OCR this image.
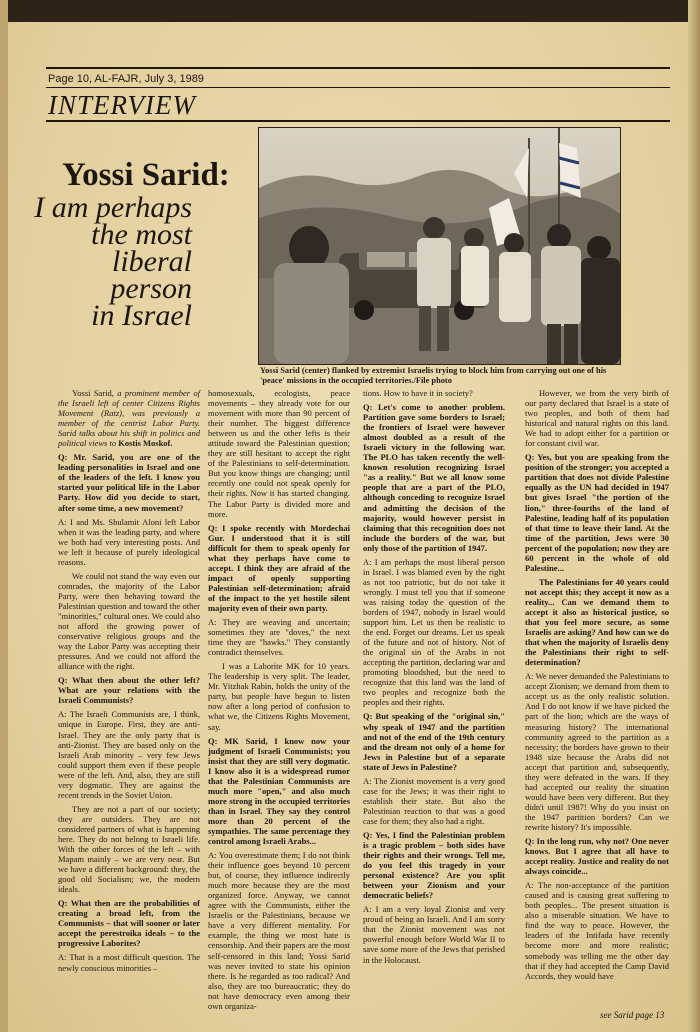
Page 10, AL-FAJR, July 3, 1989
INTERVIEW
Yossi Sarid:
I am perhaps
the most
liberal
person
in Israel
Yossi Sarid (center) flanked by extremist Israelis trying to block him from carrying out one of his 'peace' missions in the occupied territories./File photo

Yossi Sarid, a prominent member of the Israeli left of center Citizens Rights Movement (Ratz), was previously a member of the centrist Labor Party. Sarid talks about his shift in politics and political views to Kostis Moskof.

Q: Mr. Sarid, you are one of the leading personalities in Israel and one of the leaders of the left. I know you started your political life in the Labor Party. How did you decide to start, after some time, a new movement?

A: I and Ms. Shulamit Aloni left Labor when it was the leading party, and where we both had very interesting posts. And we left it because of purely ideological reasons.

We could not stand the way even our comrades, the majority of the Labor Party, were then behaving toward the Palestinian question and toward the other "minorities," cultural ones. We could also not afford the growing power of conservative religious groups and the way the Labor Party was accepting their pressures. And we could not afford the alliance with the right.

Q: What then about the other left? What are your relations with the Israeli Communists?

A: The Israeli Communists are, I think, unique in Europe. First, they are anti-Israel. They are the only party that is anti-Zionist. They are based only on the Israeli Arab minority – very few Jews could support them even if these people were of the left. And, also, they are still very dogmatic. They are against the recent trends in the Soviet Union.

They are not a part of our society; they are outsiders. They are not considered partners of what is happening here. They do not belong to Israeli life. With the other forces of the left – with Mapam mainly – we are very near. But we have a different background: they, the good old Socialism; we, the modern ideals.

Q: What then are the probabilities of creating a broad left, from the Communists – that will sooner or later accept the perestroika ideals – to the progressive Laborites?

A: That is a most difficult question. The newly conscious minorities –

homosexuals, ecologists, peace movements – they already vote for our movement with more than 90 percent of their number. The biggest difference between us and the other lefts is their attitude toward the Palestinian question; they are still hesitant to accept the right of the Palestinians to self-determination. But you know things are changing; until recently one could not speak openly for their rights. Now it has started changing. The Labor Party is divided more and more.

Q: I spoke recently with Mordechai Gur. I understood that it is still difficult for them to speak openly for what they perhaps have come to accept. I think they are afraid of the impact of openly supporting Palestinian self-determination; afraid of the impact to the yet hostile silent majority even of their own party.

A: They are weaving and uncertain; sometimes they are "doves," the next time they are "hawks." They constantly contradict themselves.

I was a Laborite MK for 10 years. The leadership is very split. The leader, Mr. Yitzhak Rabin, holds the unity of the party, but people have begun to listen now after a long period of confusion to what we, the Citizens Rights Movement, say.

Q: MK Sarid, I know now your judgment of Israeli Communists; you insist that they are still very dogmatic. I know also it is a widespread rumor that the Palestinian Communists are much more "open," and also much more strong in the occupied territories than in Israel. They say they control more than 20 percent of the sympathies. The same percentage they control among Israeli Arabs...

A: You overestimate them; I do not think their influence goes beyond 10 percent but, of course, they influence indirectly much more because they are the most organized force. Anyway, we cannot agree with the Communists, either the Israelis or the Palestinians, because we have a very different mentality. For example, the thing we most hate is censorship. And their papers are the most self-censored in this land; Yossi Sarid was never invited to state his opinion there. Is he regarded as too radical? And also, they are too bureaucratic; they do not have democracy even among their own organiza-

tions. How to have it in society?

Q: Let's come to another problem. Partition gave some borders to Israel; the frontiers of Israel were however almost doubled as a result of the Israeli victory in the following war. The PLO has taken recently the well-known resolution recognizing Israel "as a reality." But we all know some people that are a part of the PLO, although conceding to recognize Israel and admitting the decision of the majority, would however persist in claiming that this recognition does not include the borders of the war, but only those of the partition of 1947.

A: I am perhaps the most liberal person in Israel. I was blamed even by the right as not too patriotic, but do not take it wrongly. I must tell you that if someone was raising today the question of the borders of 1947, nobody in Israel would support him. Let us then be realistic to the end. Forget our dreams. Let us speak of the future and not of history. Not of the original sin of the Arabs in not accepting the partition, declaring war and promoting bloodshed, but the need to recognize that this land was the land of two peoples and recognize both the peoples and their rights.

Q: But speaking of the "original sin," why speak of 1947 and the partition and not of the end of the 19th century and the dream not only of a home for Jews in Palestine but of a separate state of Jews in Palestine?

A: The Zionist movement is a very good case for the Jews; it was their right to establish their state. But also the Palestinian reaction to that was a good case for them; they also had a right.

Q: Yes, I find the Palestinian problem is a tragic problem – both sides have their rights and their wrongs. Tell me, do you feel this tragedy in your personal existence? Are you split between your Zionism and your democratic beliefs?

A: I am a very loyal Zionist and very proud of being an Israeli. And I am sorry that the Zionist movement was not powerful enough before World War II to save some more of the Jews that perished in the Holocaust.

However, we from the very birth of our party declared that Israel is a state of two peoples, and both of them had historical and natural rights on this land. We had to adopt either for a partition or for constant civil war.

Q: Yes, but you are speaking from the position of the stronger; you accepted a partition that does not divide Palestine equally as the UN had decided in 1947 but gives Israel "the portion of the lion," three-fourths of the land of Palestine, leading half of its population of that time to leave their land. At the time of the partition, Jews were 30 percent of the population; now they are 60 percent in the whole of old Palestine...

The Palestinians for 40 years could not accept this; they accept it now as a reality... Can we demand them to accept it also as historical justice, so that you feel more secure, as some Israelis are asking? And how can we do that when the majority of Israelis deny the Palestinians their right to self-determination?

A: We never demanded the Palestinians to accept Zionism; we demand from them to accept us as the only realistic solution. And I do not know if we have picked the part of the lion; which are the ways of measuring history? The international community agreed to the partition as a necessity; the borders have grown to their 1948 size because the Arabs did not accept that partition and, subsequently, they were defeated in the wars. If they had accepted our reality the situation would have been very different. But they didn't until 1987! Why do you insist on the 1947 partition borders? Can we rewrite history? It's impossible.

Q: In the long run, why not? One never knows. But I agree that all have to accept reality. Justice and reality do not always coincide...

A: The non-acceptance of the partition caused and is causing great suffering to both peoples... The present situation is also a miserable situation. We have to find the way to peace. However, the leaders of the Intifada have recently become more and more realistic; somebody was telling me the other day that if they had accepted the Camp David Accords, they would have

see Sarid page 13
